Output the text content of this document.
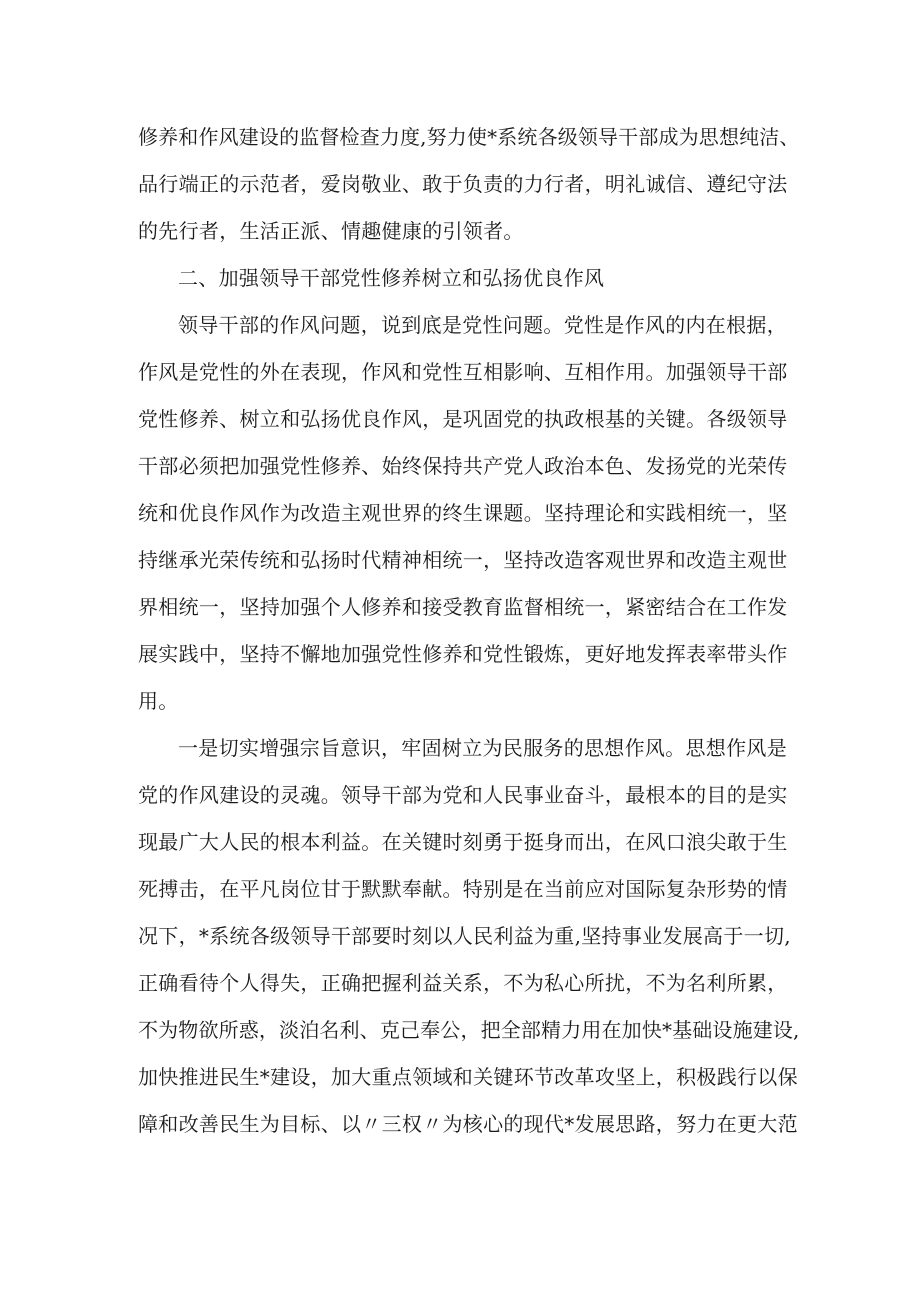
修养和作风建设的监督检查力度,努力使*系统各级领导干部成为思想纯洁、
品行端正的示范者，爱岗敬业、敢于负责的力行者，明礼诚信、遵纪守法
的先行者，生活正派、情趣健康的引领者。
二、加强领导干部党性修养树立和弘扬优良作风
领导干部的作风问题，说到底是党性问题。党性是作风的内在根据，
作风是党性的外在表现，作风和党性互相影响、互相作用。加强领导干部
党性修养、树立和弘扬优良作风，是巩固党的执政根基的关键。各级领导
干部必须把加强党性修养、始终保持共产党人政治本色、发扬党的光荣传
统和优良作风作为改造主观世界的终生课题。坚持理论和实践相统一，坚
持继承光荣传统和弘扬时代精神相统一，坚持改造客观世界和改造主观世
界相统一，坚持加强个人修养和接受教育监督相统一，紧密结合在工作发
展实践中，坚持不懈地加强党性修养和党性锻炼，更好地发挥表率带头作
用。
一是切实增强宗旨意识，牢固树立为民服务的思想作风。思想作风是
党的作风建设的灵魂。领导干部为党和人民事业奋斗，最根本的目的是实
现最广大人民的根本利益。在关键时刻勇于挺身而出，在风口浪尖敢于生
死搏击，在平凡岗位甘于默默奉献。特别是在当前应对国际复杂形势的情
况下，*系统各级领导干部要时刻以人民利益为重,坚持事业发展高于一切,
正确看待个人得失，正确把握利益关系，不为私心所扰，不为名利所累，
不为物欲所惑，淡泊名利、克己奉公，把全部精力用在加快*基础设施建设,
加快推进民生*建设，加大重点领域和关键环节改革攻坚上，积极践行以保
障和改善民生为目标、以〃三权〃为核心的现代*发展思路，努力在更大范
